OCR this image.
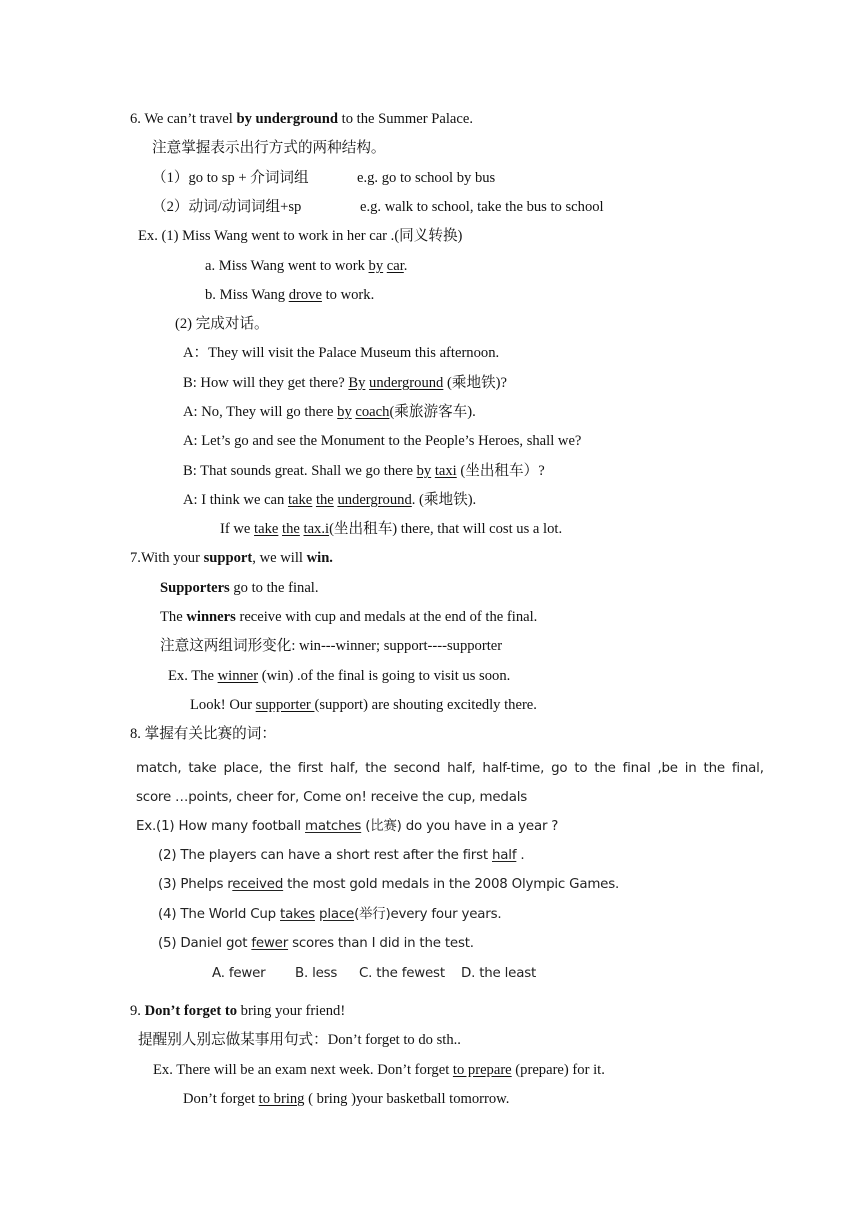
6. We can’t travel by underground to the Summer Palace.
注意掌握表示出行方式的两种结构。
（1）go to sp + 介词词组	e.g. go to school by bus
（2）动词/动词词组+sp	e.g. walk to school, take the bus to school
Ex. (1) Miss Wang went to work in her car .(同义转换)
a. Miss Wang went to work by car.
b. Miss Wang drove to work.
(2) 完成对话。
A：They will visit the Palace Museum this afternoon.
B: How will they get there? By underground (乘地铁)?
A: No, They will go there by coach(乘旅游客车).
A: Let’s go and see the Monument to the People’s Heroes, shall we?
B: That sounds great. Shall we go there by taxi (坐出租车）?
A: I think we can take the underground. (乘地铁).
If we take the tax.i(坐出租车) there, that will cost us a lot.
7.With your support, we will win.
Supporters go to the final.
The winners receive with cup and medals at the end of the final.
注意这两组词形变化: win---winner; support----supporter
Ex. The winner (win) .of the final is going to visit us soon.
Look! Our supporter (support) are shouting excitedly there.
8. 掌握有关比赛的词：
match, take place, the first half, the second half, half-time, go to the final ,be in the final,
score …points, cheer for, Come on! receive the cup, medals
Ex.(1) How many football matches (比赛) do you have in a year ?
(2) The players can have a short rest after the first half .
(3) Phelps received the most gold medals in the 2008 Olympic Games.
(4) The World Cup takes place(举行)every four years.
(5) Daniel got fewer scores than I did in the test.
A. fewer B. less C. the fewest D. the least
9. Don’t forget to bring your friend!
提醒别人别忘做某事用句式：Don’t forget to do sth..
Ex. There will be an exam next week. Don’t forget to prepare (prepare) for it.
Don’t forget to bring ( bring )your basketball tomorrow.
